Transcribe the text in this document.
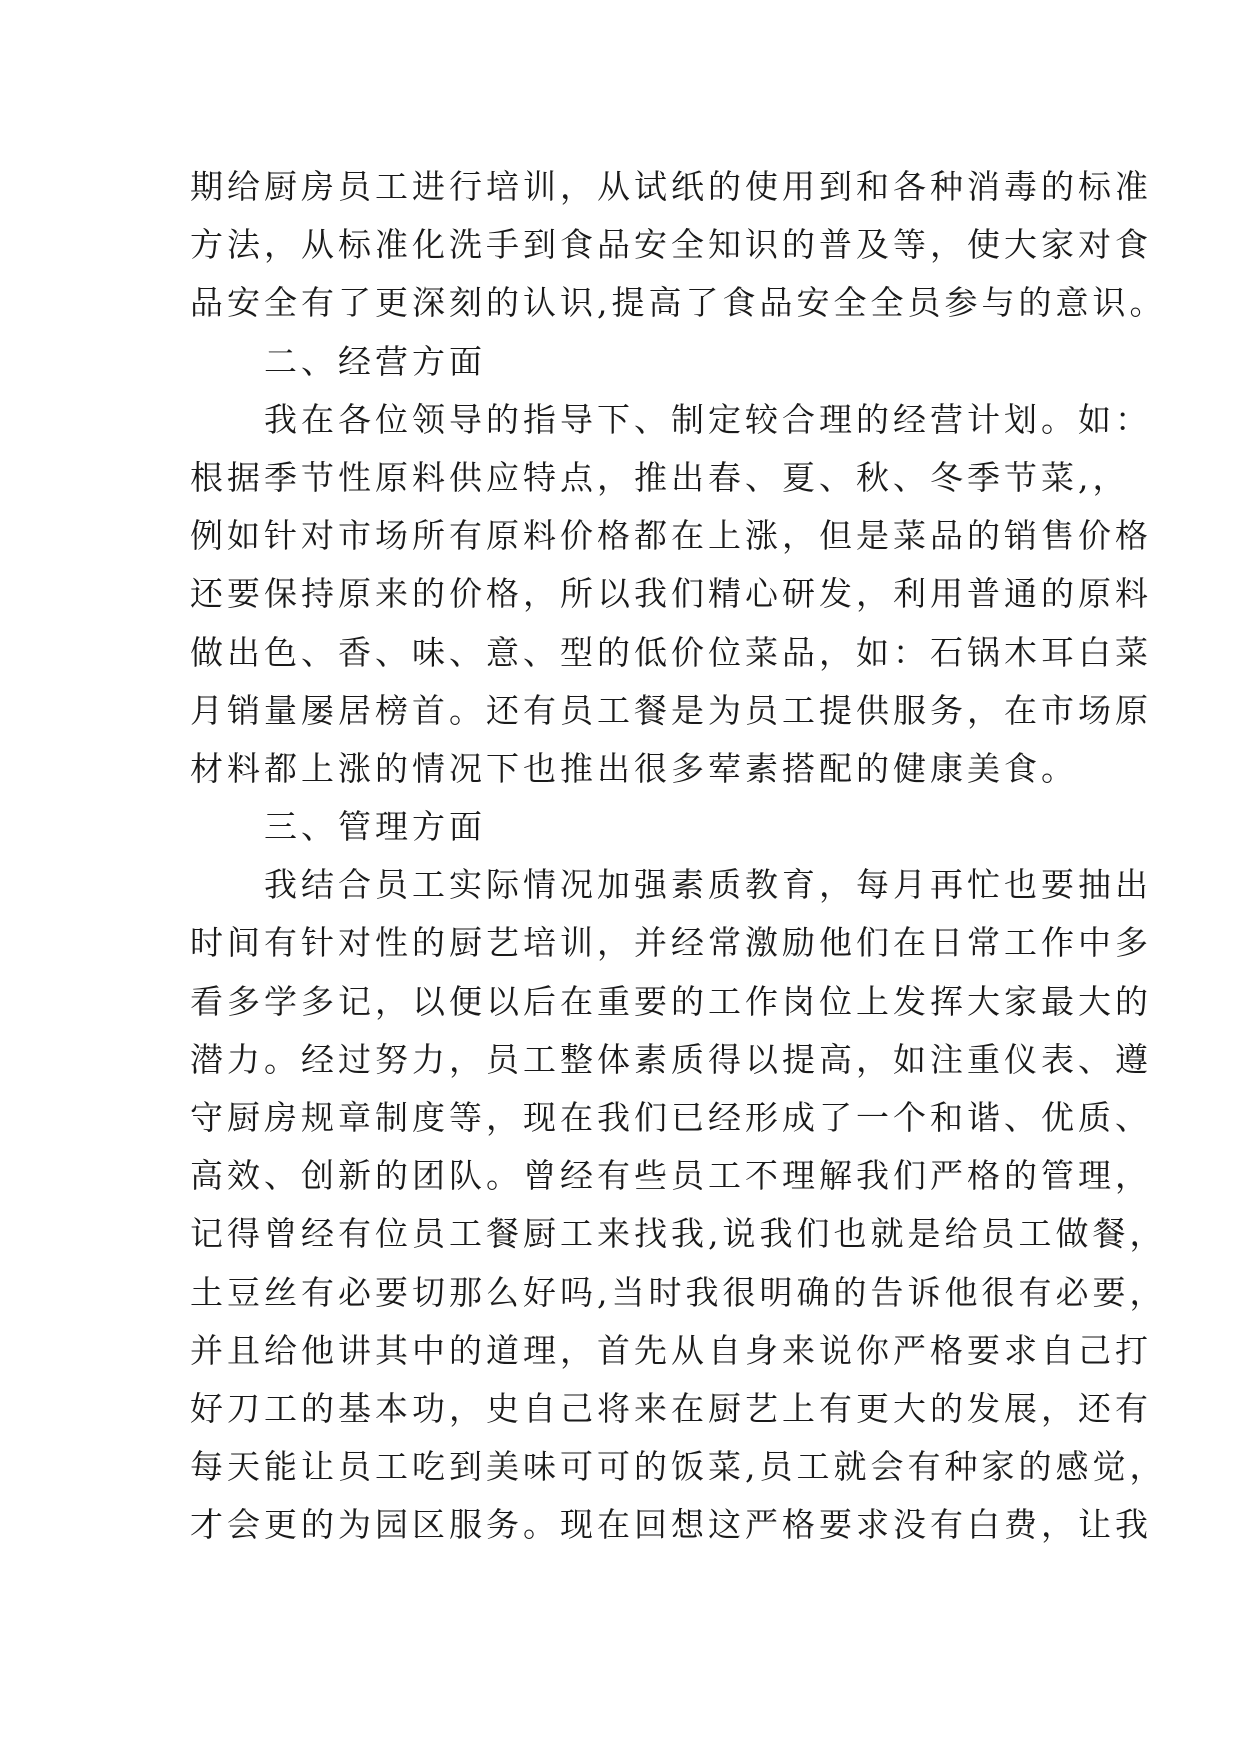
期给厨房员工进行培训，从试纸的使用到和各种消毒的标准
方法，从标准化洗手到食品安全知识的普及等，使大家对食
品安全有了更深刻的认识,提高了食品安全全员参与的意识。
　　二、经营方面
　　我在各位领导的指导下、制定较合理的经营计划。如：
根据季节性原料供应特点，推出春、夏、秋、冬季节菜,，
例如针对市场所有原料价格都在上涨，但是菜品的销售价格
还要保持原来的价格，所以我们精心研发，利用普通的原料
做出色、香、味、意、型的低价位菜品，如：石锅木耳白菜
月销量屡居榜首。还有员工餐是为员工提供服务，在市场原
材料都上涨的情况下也推出很多荤素搭配的健康美食。
　　三、管理方面
　　我结合员工实际情况加强素质教育，每月再忙也要抽出
时间有针对性的厨艺培训，并经常激励他们在日常工作中多
看多学多记，以便以后在重要的工作岗位上发挥大家最大的
潜力。经过努力，员工整体素质得以提高，如注重仪表、遵
守厨房规章制度等，现在我们已经形成了一个和谐、优质、
高效、创新的团队。曾经有些员工不理解我们严格的管理，
记得曾经有位员工餐厨工来找我,说我们也就是给员工做餐，
土豆丝有必要切那么好吗,当时我很明确的告诉他很有必要，
并且给他讲其中的道理，首先从自身来说你严格要求自己打
好刀工的基本功，史自己将来在厨艺上有更大的发展，还有
每天能让员工吃到美味可可的饭菜,员工就会有种家的感觉，
才会更的为园区服务。现在回想这严格要求没有白费，让我
